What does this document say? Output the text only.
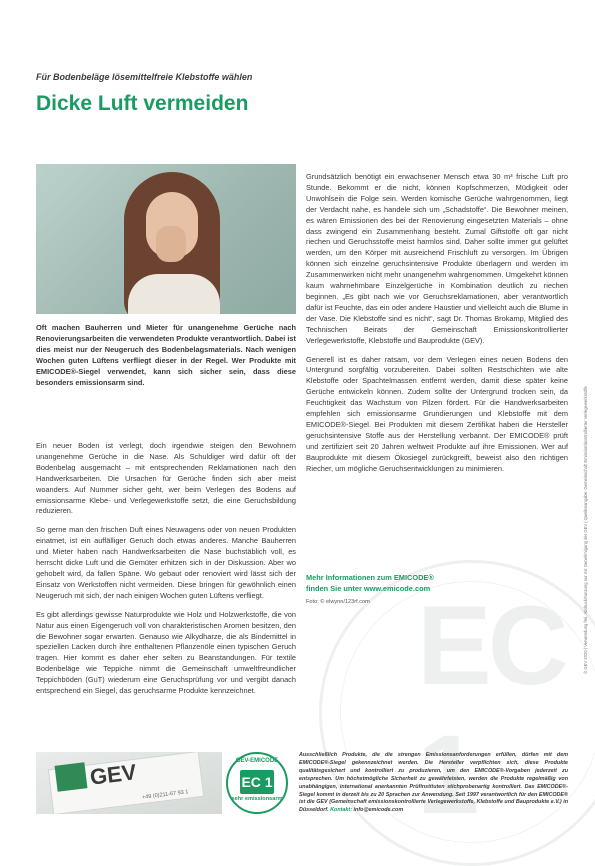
EC 1
Für Bodenbeläge lösemittelfreie Klebstoffe wählen
Dicke Luft vermeiden

Oft machen Bauherren und Mieter für unangenehme Gerüche nach Renovierungsarbeiten die verwendeten Produkte verantwortlich. Dabei ist dies meist nur der Neugeruch des Bodenbelagsmaterials. Nach wenigen Wochen guten Lüftens verfliegt dieser in der Regel. Wer Produkte mit EMICODE®-Siegel verwendet, kann sich sicher sein, dass diese besonders emissionsarm sind.

Ein neuer Boden ist verlegt, doch irgendwie steigen den Bewohnern unangenehme Gerüche in die Nase. Als Schuldiger wird dafür oft der Bodenbelag ausgemacht – mit entsprechenden Reklamationen nach den Handwerksarbeiten. Die Ursachen für Gerüche finden sich aber meist woanders. Auf Nummer sicher geht, wer beim Verlegen des Bodens auf emissionsarme Klebe- und Verlegewerkstoffe setzt, die eine Geruchsbildung reduzieren.

So gerne man den frischen Duft eines Neuwagens oder von neuen Produkten einatmet, ist ein auffälliger Geruch doch etwas anderes. Manche Bauherren und Mieter haben nach Handwerksarbeiten die Nase buchstäblich voll, es herrscht dicke Luft und die Gemüter erhitzen sich in der Diskussion. Aber wo gehobelt wird, da fallen Späne. Wo gebaut oder renoviert wird lässt sich der Einsatz von Werkstoffen nicht vermeiden. Diese bringen für gewöhnlich einen Neugeruch mit sich, der nach einigen Wochen guten Lüftens verfliegt.

Es gibt allerdings gewisse Naturprodukte wie Holz und Holzwerkstoffe, die von Natur aus einen Eigengeruch voll von charakteristischen Aromen besitzen, den die Bewohner sogar erwarten. Genauso wie Alkydharze, die als Bindemittel in speziellen Lacken durch ihre enthaltenen Pflanzenöle einen typischen Geruch tragen. Hier kommt es daher eher selten zu Beanstandungen. Für textile Bodenbeläge wie Teppiche nimmt die Gemeinschaft umweltfreundlicher Teppichböden (GuT) wiederum eine Geruchsprüfung vor und vergibt danach entsprechend ein Siegel, das geruchsarme Produkte kennzeichnet.

Grundsätzlich benötigt ein erwachsener Mensch etwa 30 m³ frische Luft pro Stunde. Bekommt er die nicht, können Kopfschmerzen, Müdigkeit oder Unwohlsein die Folge sein. Werden komische Gerüche wahrgenommen, liegt der Verdacht nahe, es handele sich um „Schadstoffe“. Die Bewohner meinen, es wären Emissionen des bei der Renovierung eingesetzten Materials – ohne dass zwingend ein Zusammenhang besteht. Zumal Giftstoffe oft gar nicht riechen und Geruchsstoffe meist harmlos sind. Daher sollte immer gut gelüftet werden, um den Körper mit ausreichend Frischluft zu versorgen. Im Übrigen können sich einzelne geruchsintensive Produkte überlagern und werden im Zusammenwirken nicht mehr unangenehm wahrgenommen. Umgekehrt können kaum wahrnehmbare Einzelgerüche in Kombination deutlich zu riechen beginnen. „Es gibt nach wie vor Geruchsreklamationen, aber verantwortlich dafür ist Feuchte, das ein oder andere Haustier und vielleicht auch die Blume in der Vase. Die Klebstoffe sind es nicht“, sagt Dr. Thomas Brokamp, Mitglied des Technischen Beirats der Gemeinschaft Emissionskontrollierter Verlegewerkstoffe, Klebstoffe und Bauprodukte (GEV).

Generell ist es daher ratsam, vor dem Verlegen eines neuen Bodens den Untergrund sorgfältig vorzubereiten. Dabei sollten Restschichten wie alte Klebstoffe oder Spachtelmassen entfernt werden, damit diese später keine Gerüche entwickeln können. Zudem sollte der Untergrund trocken sein, da Feuchtigkeit das Wachstum von Pilzen fördert. Für die Handwerksarbeiten empfehlen sich emissionsarme Grundierungen und Klebstoffe mit dem EMICODE®-Siegel. Bei Produkten mit diesem Zertifikat haben die Hersteller geruchsintensive Stoffe aus der Herstellung verbannt. Der EMICODE® prüft und zertifiziert seit 20 Jahren weltweit Produkte auf ihre Emissionen. Wer auf Bauprodukte mit diesem Ökosiegel zurückgreift, beweist also den richtigen Riecher, um mögliche Geruchsentwicklungen zu minimieren.

Mehr Informationen zum EMICODE®
finden Sie unter www.emicode.com
Foto: © elwynn/123rf.com	© GEV 2020 | Verwendung frei, Abdruck/Nutzung nur mit Genehmigung der GEV | Quellenangabe: Gemeinschaft Emissionskontrollierter Verlegewerkstoffe
GEV
+49 (0)211-67 93 1
GEV-EMICODE
EC 1
sehr emissionsarm

Ausschließlich Produkte, die die strengen Emissionsanforderungen erfüllen, dürfen mit dem EMICODE®-Siegel gekennzeichnet werden. Die Hersteller verpflichten sich, diese Produkte qualitätsgesichert und kontrolliert zu produzieren, um den EMICODE®-Vorgaben jederzeit zu entsprechen. Um höchstmögliche Sicherheit zu gewährleisten, werden die Produkte regelmäßig von unabhängigen, international anerkannten Prüfinstituten stichprobenartig kontrolliert. Das EMICODE®-Siegel kommt in derzeit bis zu 20 Sprachen zur Anwendung. Seit 1997 verantwortlich für den EMICODE® ist die GEV (Gemeinschaft emissionskontrollierte Verlegewerkstoffe, Klebstoffe und Bauprodukte e.V.) in Düsseldorf. Kontakt: info@emicode.com
